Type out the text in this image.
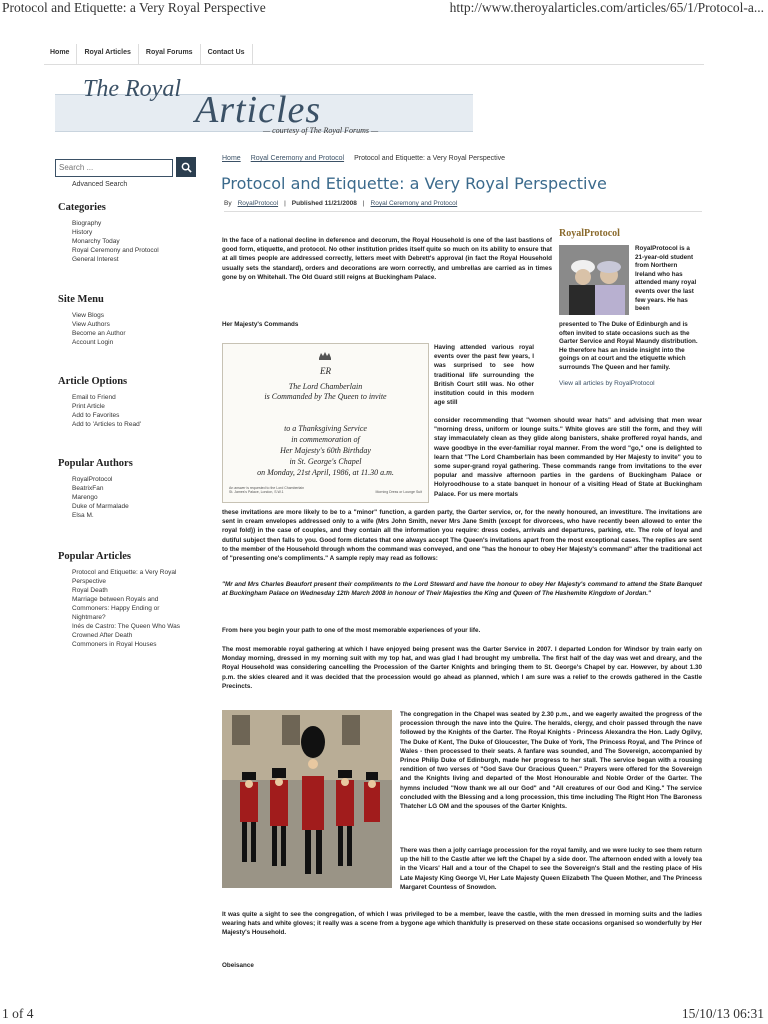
Protocol and Etiquette: a Very Royal Perspective	http://www.theroyalarticles.com/articles/65/1/Protocol-a...
1 of 4	15/10/13 06:31
Home	Royal Articles	Royal Forums	Contact Us
The Royal Articles
— courtesy of The Royal Forums —
Search ...
Advanced Search
Categories
Biography
History
Monarchy Today
Royal Ceremony and Protocol
General Interest
Site Menu
View Blogs
View Authors
Become an Author
Account Login
Article Options
Email to Friend
Print Article
Add to Favorites
Add to 'Articles to Read'
Popular Authors
RoyalProtocol
BeatrixFan
Marengo
Duke of Marmalade
Elsa M.
Popular Articles
Protocol and Etiquette: a Very Royal Perspective
Royal Death
Marriage between Royals and Commoners: Happy Ending or Nightmare?
Inés de Castro: The Queen Who Was Crowned After Death
Commoners in Royal Houses
Home Royal Ceremony and Protocol Protocol and Etiquette: a Very Royal Perspective
Protocol and Etiquette: a Very Royal Perspective
By RoyalProtocol | Published 11/21/2008 | Royal Ceremony and Protocol
In the face of a national decline in deference and decorum, the Royal Household is one of the last bastions of good form, etiquette, and protocol. No other institution prides itself quite so much on its ability to ensure that at all times people are addressed correctly, letters meet with Debrett's approval (in fact the Royal Household usually sets the standard), orders and decorations are worn correctly, and umbrellas are carried as in times gone by on Whitehall. The Old Guard still reigns at Buckingham Palace.
Her Majesty's Commands
ER
The Lord Chamberlain
is Commanded by The Queen to invite
to a Thanksgiving Service
in commemoration of
Her Majesty's 60th Birthday
in St. George's Chapel
on Monday, 21st April, 1986, at 11.30 a.m.
An answer is requested to the Lord Chamberlain St. James's Palace, London, S.W.1	Morning Dress or Lounge Suit
Having attended various royal events over the past few years, I was surprised to see how traditional life surrounding the British Court still was. No other institution could in this modern age still
consider recommending that "women should wear hats" and advising that men wear "morning dress, uniform or lounge suits." White gloves are still the form, and they will stay immaculately clean as they glide along banisters, shake proffered royal hands, and wave goodbye in the ever-familiar royal manner. From the word "go," one is delighted to learn that "The Lord Chamberlain has been commanded by Her Majesty to invite" you to some super-grand royal gathering. These commands range from invitations to the ever popular and massive afternoon parties in the gardens of Buckingham Palace or Holyroodhouse to a state banquet in honour of a visiting Head of State at Buckingham Palace. For us mere mortals
these invitations are more likely to be to a "minor" function, a garden party, the Garter service, or, for the newly honoured, an investiture. The invitations are sent in cream envelopes addressed only to a wife (Mrs John Smith, never Mrs Jane Smith (except for divorcees, who have recently been allowed to enter the royal fold)) in the case of couples, and they contain all the information you require: dress codes, arrivals and departures, parking, etc. The role of loyal and dutiful subject then falls to you. Good form dictates that one always accept The Queen's invitations apart from the most exceptional cases. The replies are sent to the member of the Household through whom the command was conveyed, and one "has the honour to obey Her Majesty's command" after the traditional act of "presenting one's compliments." A sample reply may read as follows:
"Mr and Mrs Charles Beaufort present their compliments to the Lord Steward and have the honour to obey Her Majesty's command to attend the State Banquet at Buckingham Palace on Wednesday 12th March 2008 in honour of Their Majesties the King and Queen of The Hashemite Kingdom of Jordan."
From here you begin your path to one of the most memorable experiences of your life.
The most memorable royal gathering at which I have enjoyed being present was the Garter Service in 2007. I departed London for Windsor by train early on Monday morning, dressed in my morning suit with my top hat, and was glad I had brought my umbrella. The first half of the day was wet and dreary, and the Royal Household was considering cancelling the Procession of the Garter Knights and bringing them to St. George's Chapel by car. However, by about 1.30 p.m. the skies cleared and it was decided that the procession would go ahead as planned, which I am sure was a relief to the crowds gathered in the Castle Precincts.
The congregation in the Chapel was seated by 2.30 p.m., and we eagerly awaited the progress of the procession through the nave into the Quire. The heralds, clergy, and choir passed through the nave followed by the Knights of the Garter. The Royal Knights - Princess Alexandra the Hon. Lady Ogilvy, The Duke of Kent, The Duke of Gloucester, The Duke of York, The Princess Royal, and The Prince of Wales - then processed to their seats. A fanfare was sounded, and The Sovereign, accompanied by Prince Philip Duke of Edinburgh, made her progress to her stall. The service began with a rousing rendition of two verses of "God Save Our Gracious Queen." Prayers were offered for the Sovereign and the Knights living and departed of the Most Honourable and Noble Order of the Garter. The hymns included "Now thank we all our God" and "All creatures of our God and King." The service concluded with the Blessing and a long procession, this time including The Right Hon The Baroness Thatcher LG OM and the spouses of the Garter Knights.
There was then a jolly carriage procession for the royal family, and we were lucky to see them return up the hill to the Castle after we left the Chapel by a side door. The afternoon ended with a lovely tea in the Vicars' Hall and a tour of the Chapel to see the Sovereign's Stall and the resting place of His Late Majesty King George VI, Her Late Majesty Queen Elizabeth The Queen Mother, and The Princess Margaret Countess of Snowdon.
It was quite a sight to see the congregation, of which I was privileged to be a member, leave the castle, with the men dressed in morning suits and the ladies wearing hats and white gloves; it really was a scene from a bygone age which thankfully is preserved on these state occasions organised so wonderfully by Her Majesty's Household.
Obeisance
RoyalProtocol
RoyalProtocol is a 21-year-old student from Northern Ireland who has attended many royal events over the last few years. He has been
presented to The Duke of Edinburgh and is often invited to state occasions such as the Garter Service and Royal Maundy distribution. He therefore has an inside insight into the goings on at court and the etiquette which surrounds The Queen and her family.
View all articles by RoyalProtocol
